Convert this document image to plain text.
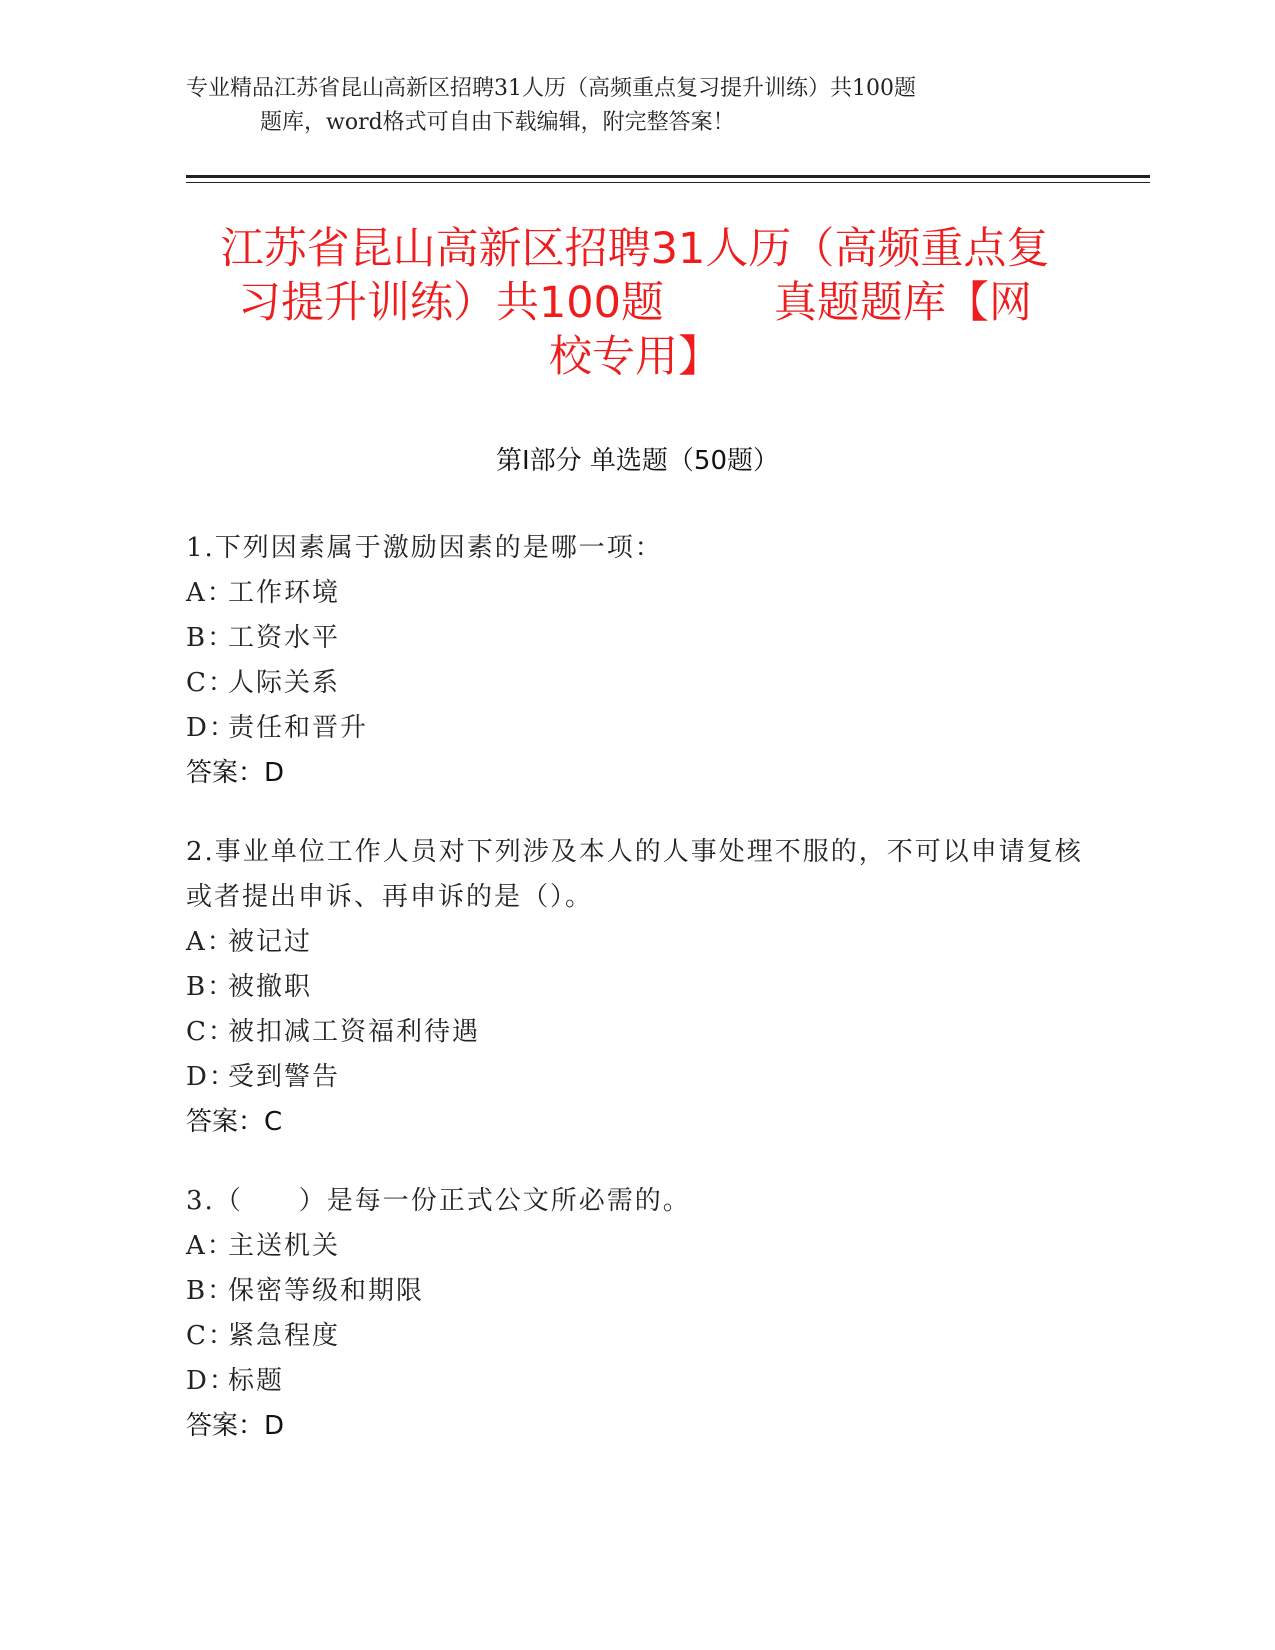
专业精品江苏省昆山高新区招聘31人历（高频重点复习提升训练）共100题
题库，word格式可自由下载编辑，附完整答案！
江苏省昆山高新区招聘31人历（高频重点复
习提升训练）共100题	真题题库【网
校专用】
第Ⅰ部分 单选题（50题）
1.下列因素属于激励因素的是哪一项：
A：工作环境
B：工资水平
C：人际关系
D：责任和晋升
答案：D
2.事业单位工作人员对下列涉及本人的人事处理不服的，不可以申请复核或者提出申诉、再申诉的是（）。
A：被记过
B：被撤职
C：被扣减工资福利待遇
D：受到警告
答案：C
3.（　　）是每一份正式公文所必需的。
A：主送机关
B：保密等级和期限
C：紧急程度
D：标题
答案：D
